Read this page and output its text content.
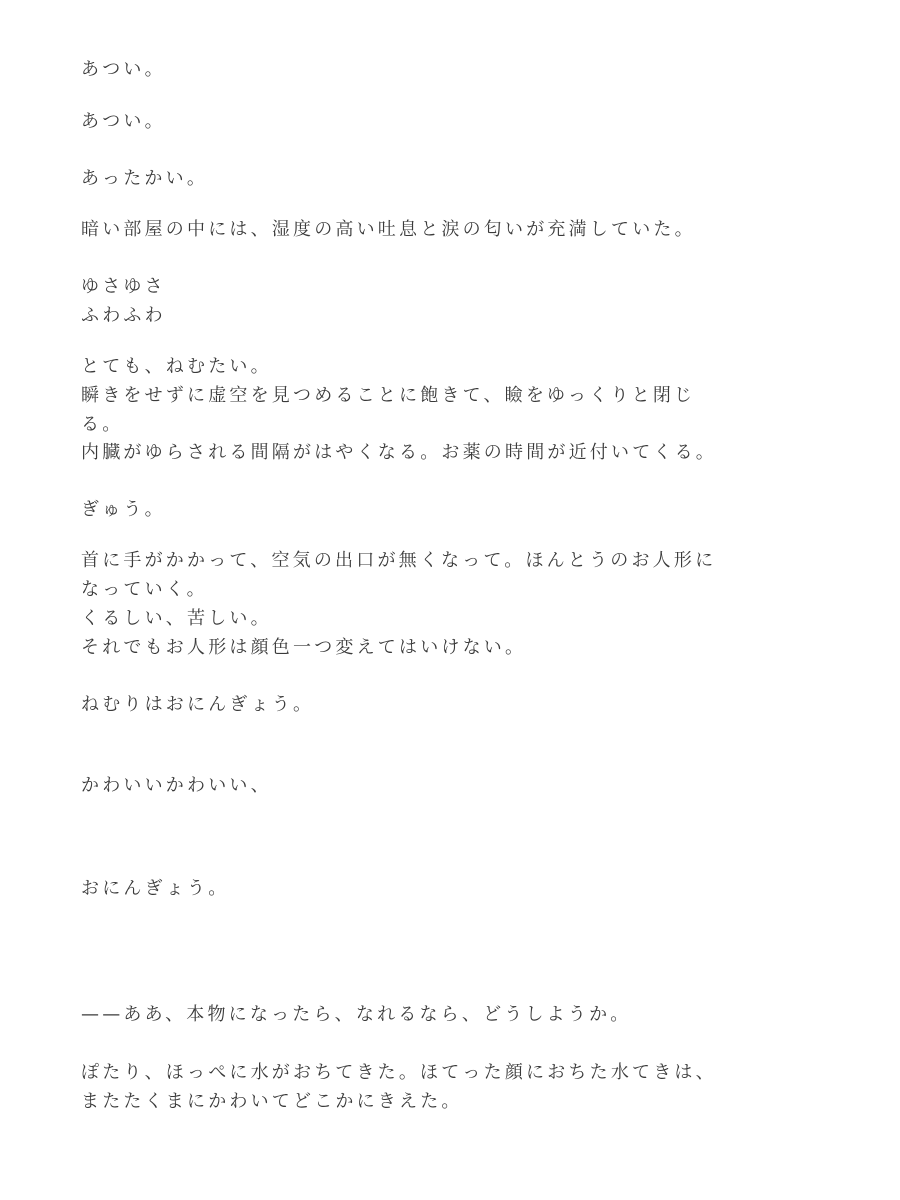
あつい。
あつい。
あったかい。
暗い部屋の中には、湿度の高い吐息と涙の匂いが充満していた。
ゆさゆさ
ふわふわ
とても、ねむたい。
瞬きをせずに虚空を見つめることに飽きて、瞼をゆっくりと閉じ
る。
内臓がゆらされる間隔がはやくなる。お薬の時間が近付いてくる。
ぎゅう。
首に手がかかって、空気の出口が無くなって。ほんとうのお人形に
なっていく。
くるしい、苦しい。
それでもお人形は顔色一つ変えてはいけない。
ねむりはおにんぎょう。
かわいいかわいい、
おにんぎょう。
——ああ、本物になったら、なれるなら、どうしようか。
ぽたり、ほっぺに水がおちてきた。ほてった顔におちた水てきは、
またたくまにかわいてどこかにきえた。
